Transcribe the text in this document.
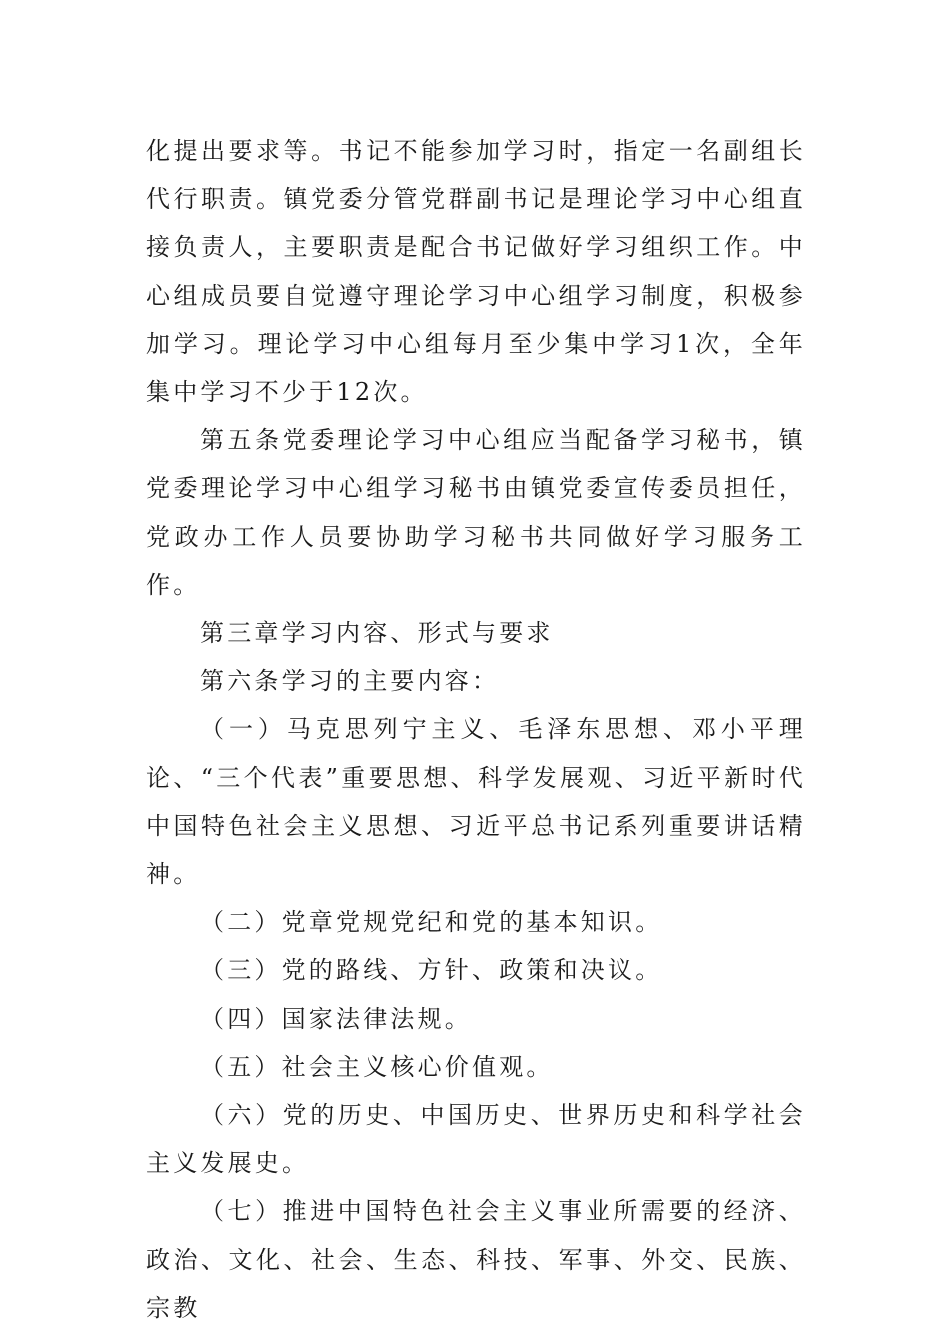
化提出要求等。书记不能参加学习时，指定一名副组长代行职责。镇党委分管党群副书记是理论学习中心组直接负责人，主要职责是配合书记做好学习组织工作。中心组成员要自觉遵守理论学习中心组学习制度，积极参加学习。理论学习中心组每月至少集中学习1次，全年集中学习不少于12次。

第五条党委理论学习中心组应当配备学习秘书，镇党委理论学习中心组学习秘书由镇党委宣传委员担任，党政办工作人员要协助学习秘书共同做好学习服务工作。

第三章学习内容、形式与要求

第六条学习的主要内容：

（一）马克思列宁主义、毛泽东思想、邓小平理论、“三个代表”重要思想、科学发展观、习近平新时代中国特色社会主义思想、习近平总书记系列重要讲话精神。

（二）党章党规党纪和党的基本知识。

（三）党的路线、方针、政策和决议。

（四）国家法律法规。

（五）社会主义核心价值观。

（六）党的历史、中国历史、世界历史和科学社会主义发展史。

（七）推进中国特色社会主义事业所需要的经济、政治、文化、社会、生态、科技、军事、外交、民族、宗教
